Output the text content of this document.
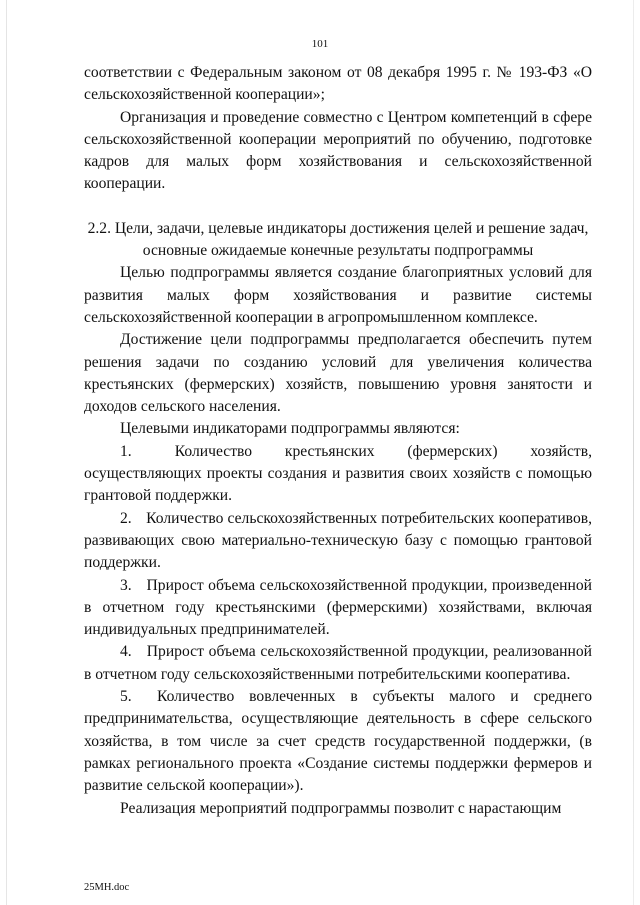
101

соответствии с Федеральным законом от 08 декабря 1995 г. № 193-ФЗ «О сельскохозяйственной кооперации»;

Организация и проведение совместно с Центром компетенций в сфере сельскохозяйственной кооперации мероприятий по обучению, подготовке кадров для малых форм хозяйствования и сельскохозяйственной кооперации.

2.2. Цели, задачи, целевые индикаторы достижения целей и решение задач, основные ожидаемые конечные результаты подпрограммы

Целью подпрограммы является создание благоприятных условий для развития малых форм хозяйствования и развитие системы сельскохозяйственной кооперации в агропромышленном комплексе.

Достижение цели подпрограммы предполагается обеспечить путем решения задачи по созданию условий для увеличения количества крестьянских (фермерских) хозяйств, повышению уровня занятости и доходов сельского населения.

Целевыми индикаторами подпрограммы являются:

1.	Количество крестьянских (фермерских) хозяйств, осуществляющих проекты создания и развития своих хозяйств с помощью грантовой поддержки.

2. Количество сельскохозяйственных потребительских кооперативов, развивающих свою материально-техническую базу с помощью грантовой поддержки.

3. Прирост объема сельскохозяйственной продукции, произведенной в отчетном году крестьянскими (фермерскими) хозяйствами, включая индивидуальных предпринимателей.

4. Прирост объема сельскохозяйственной продукции, реализованной в отчетном году сельскохозяйственными потребительскими кооператива.

5. Количество вовлеченных в субъекты малого и среднего предпринимательства, осуществляющие деятельность в сфере сельского хозяйства, в том числе за счет средств государственной поддержки, (в рамках регионального проекта «Создание системы поддержки фермеров и развитие сельской кооперации»).

Реализация мероприятий подпрограммы позволит с нарастающим

25МН.doc
